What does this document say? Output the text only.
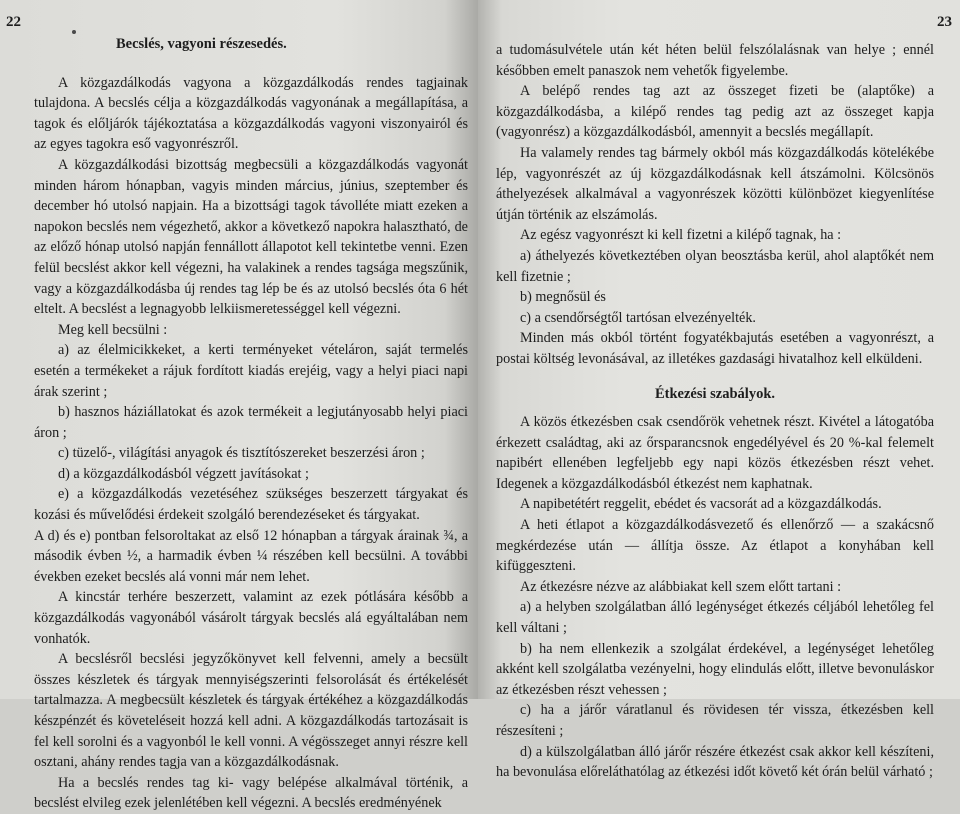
22
Becslés, vagyoni részesedés.

A közgazdálkodás vagyona a közgazdálkodás rendes tagjainak tulajdona. A becslés célja a közgazdálkodás vagyonának a megállapítása, a tagok és előljárók tájékoztatása a közgazdálkodás vagyoni viszonyairól és az egyes tagokra eső vagyonrészről.

A közgazdálkodási bizottság megbecsüli a közgazdálkodás vagyonát minden három hónapban, vagyis minden március, június, szeptember és december hó utolsó napjain. Ha a bizottsági tagok távolléte miatt ezeken a napokon becslés nem végezhető, akkor a következő napokra halasztható, de az előző hónap utolsó napján fennállott állapotot kell tekintetbe venni. Ezen felül becslést akkor kell végezni, ha valakinek a rendes tagsága megszűnik, vagy a közgazdálkodásba új rendes tag lép be és az utolsó becslés óta 6 hét eltelt. A becslést a legnagyobb lelkiismeretességgel kell végezni.

Meg kell becsülni :

a) az élelmicikkeket, a kerti terményeket vételáron, saját termelés esetén a termékeket a rájuk fordított kiadás erejéig, vagy a helyi piaci napi árak szerint ;

b) hasznos háziállatokat és azok termékeit a legjutányosabb helyi piaci áron ;

c) tüzelő-, világítási anyagok és tisztítószereket beszerzési áron ;

d) a közgazdálkodásból végzett javításokat ;

e) a közgazdálkodás vezetéséhez szükséges beszerzett tárgyakat és kozási és művelődési érdekeit szolgáló berendezéseket és tárgyakat.

A d) és e) pontban felsoroltakat az első 12 hónapban a tárgyak árainak ¾, a második évben ½, a harmadik évben ¼ részében kell becsülni. A további években ezeket becslés alá vonni már nem lehet.

A kincstár terhére beszerzett, valamint az ezek pótlására később a közgazdálkodás vagyonából vásárolt tárgyak becslés alá egyáltalában nem vonhatók.

A becslésről becslési jegyzőkönyvet kell felvenni, amely a becsült összes készletek és tárgyak mennyiségszerinti felsorolását és értékelését tartalmazza. A megbecsült készletek és tárgyak értékéhez a közgazdálkodás készpénzét és követeléseit hozzá kell adni. A közgazdálkodás tartozásait is fel kell sorolni és a vagyonból le kell vonni. A végösszeget annyi részre kell osztani, ahány rendes tagja van a közgazdálkodásnak.

Ha a becslés rendes tag ki- vagy belépése alkalmával történik, a becslést elvileg ezek jelenlétében kell végezni. A becslés eredményének

23

a tudomásulvétele után két héten belül felszólalásnak van helye ; ennél későbben emelt panaszok nem vehetők figyelembe.

A belépő rendes tag azt az összeget fizeti be (alaptőke) a közgazdálkodásba, a kilépő rendes tag pedig azt az összeget kapja (vagyonrész) a közgazdálkodásból, amennyit a becslés megállapít.

Ha valamely rendes tag bármely okból más közgazdálkodás kötelékébe lép, vagyonrészét az új közgazdálkodásnak kell átszámolni. Kölcsönös áthelyezések alkalmával a vagyonrészek közötti különbözet kiegyenlítése útján történik az elszámolás.

Az egész vagyonrészt ki kell fizetni a kilépő tagnak, ha :

a) áthelyezés következtében olyan beosztásba kerül, ahol alaptőkét nem kell fizetnie ;

b) megnősül és

c) a csendőrségtől tartósan elvezényelték.

Minden más okból történt fogyatékbajutás esetében a vagyonrészt, a postai költség levonásával, az illetékes gazdasági hivatalhoz kell elküldeni.

Étkezési szabályok.

A közös étkezésben csak csendőrök vehetnek részt. Kivétel a látogatóba érkezett családtag, aki az őrsparancsnok engedélyével és 20 %-kal felemelt napibért ellenében legfeljebb egy napi közös étkezésben részt vehet. Idegenek a közgazdálkodásból étkezést nem kaphatnak.

A napibetétért reggelit, ebédet és vacsorát ad a közgazdálkodás.

A heti étlapot a közgazdálkodásvezető és ellenőrző — a szakácsnő megkérdezése után — állítja össze. Az étlapot a konyhában kell kifüggeszteni.

Az étkezésre nézve az alábbiakat kell szem előtt tartani :

a) a helyben szolgálatban álló legénységet étkezés céljából lehetőleg fel kell váltani ;

b) ha nem ellenkezik a szolgálat érdekével, a legénységet lehetőleg akként kell szolgálatba vezényelni, hogy elindulás előtt, illetve bevonuláskor az étkezésben részt vehessen ;

c) ha a járőr váratlanul és rövidesen tér vissza, étkezésben kell részesíteni ;

d) a külszolgálatban álló járőr részére étkezést csak akkor kell készíteni, ha bevonulása előreláthatólag az étkezési időt követő két órán belül várható ;
